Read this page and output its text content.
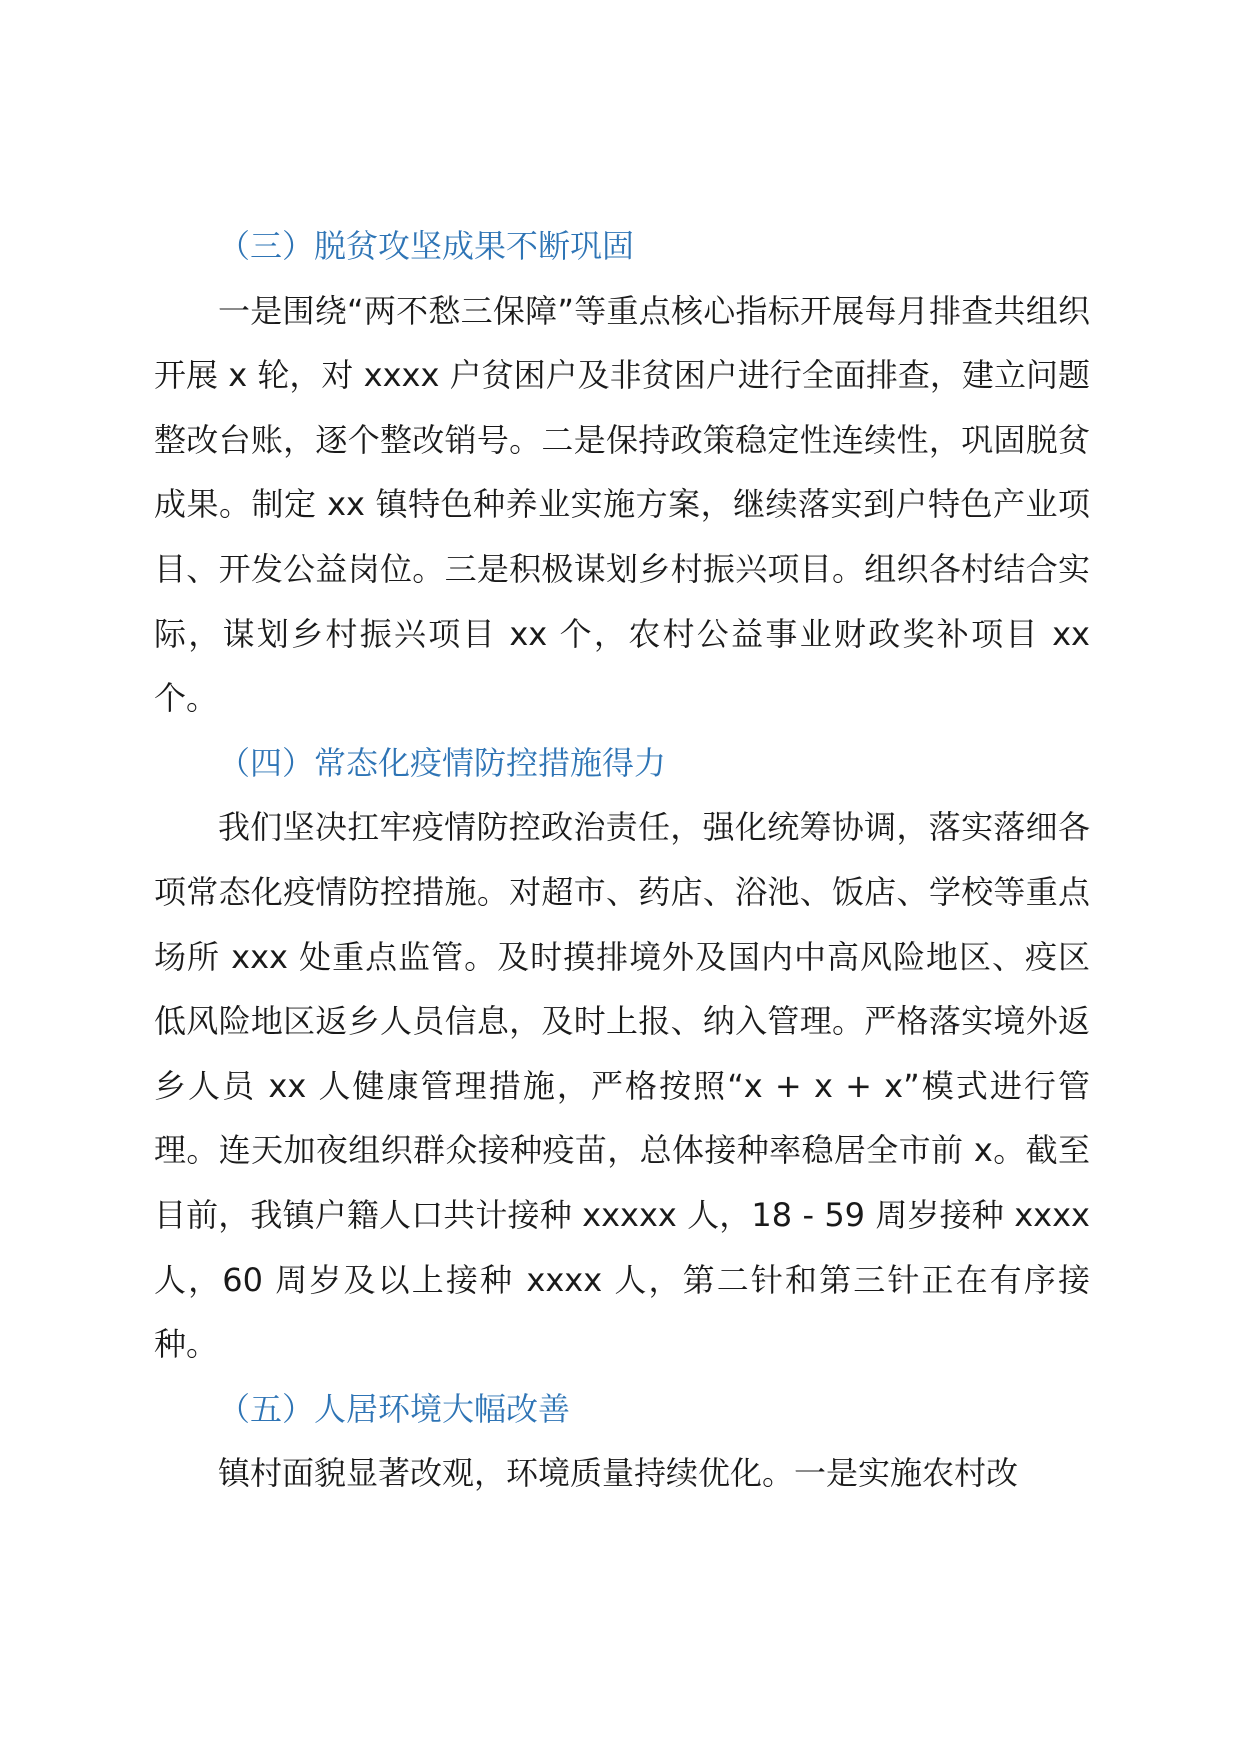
（三）脱贫攻坚成果不断巩固

一是围绕“两不愁三保障”等重点核心指标开展每月排查共组织开展 x 轮，对 xxxx 户贫困户及非贫困户进行全面排查，建立问题整改台账，逐个整改销号。二是保持政策稳定性连续性，巩固脱贫成果。制定 xx 镇特色种养业实施方案，继续落实到户特色产业项目、开发公益岗位。三是积极谋划乡村振兴项目。组织各村结合实际，谋划乡村振兴项目 xx 个，农村公益事业财政奖补项目 xx 个。

（四）常态化疫情防控措施得力

我们坚决扛牢疫情防控政治责任，强化统筹协调，落实落细各项常态化疫情防控措施。对超市、药店、浴池、饭店、学校等重点场所 xxx 处重点监管。及时摸排境外及国内中高风险地区、疫区低风险地区返乡人员信息，及时上报、纳入管理。严格落实境外返乡人员 xx 人健康管理措施，严格按照“x + x + x”模式进行管理。连天加夜组织群众接种疫苗，总体接种率稳居全市前 x。截至目前，我镇户籍人口共计接种 xxxxx 人，18 - 59 周岁接种 xxxx 人，60 周岁及以上接种 xxxx 人，第二针和第三针正在有序接种。

（五）人居环境大幅改善

镇村面貌显著改观，环境质量持续优化。一是实施农村改
